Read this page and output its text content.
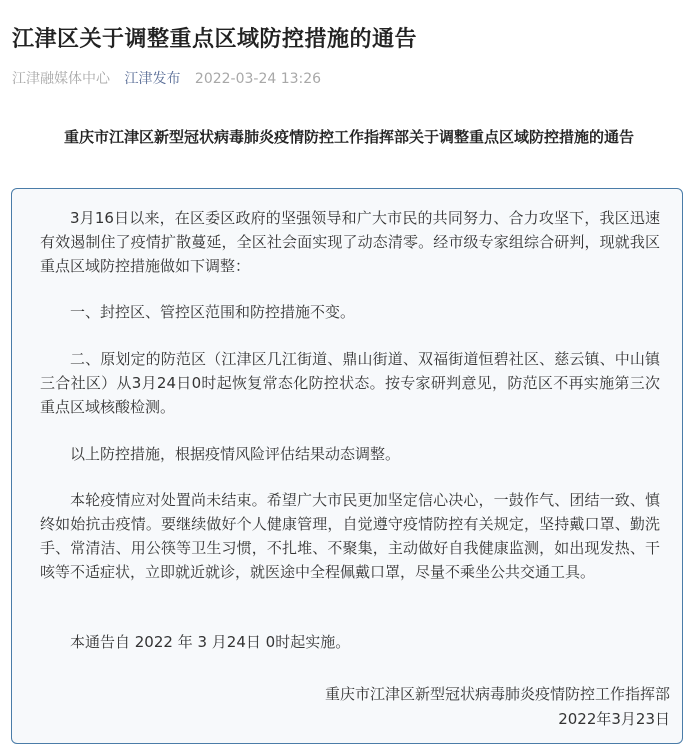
江津区关于调整重点区域防控措施的通告
江津融媒体中心 江津发布 2022-03-24 13:26
重庆市江津区新型冠状病毒肺炎疫情防控工作指挥部关于调整重点区域防控措施的通告

3月16日以来，在区委区政府的坚强领导和广大市民的共同努力、合力攻坚下，我区迅速有效遏制住了疫情扩散蔓延，全区社会面实现了动态清零。经市级专家组综合研判，现就我区重点区域防控措施做如下调整：

一、封控区、管控区范围和防控措施不变。

二、原划定的防范区（江津区几江街道、鼎山街道、双福街道恒碧社区、慈云镇、中山镇三合社区）从3月24日0时起恢复常态化防控状态。按专家研判意见，防范区不再实施第三次重点区域核酸检测。

以上防控措施，根据疫情风险评估结果动态调整。

本轮疫情应对处置尚未结束。希望广大市民更加坚定信心决心，一鼓作气、团结一致、慎终如始抗击疫情。要继续做好个人健康管理，自觉遵守疫情防控有关规定，坚持戴口罩、勤洗手、常清洁、用公筷等卫生习惯，不扎堆、不聚集，主动做好自我健康监测，如出现发热、干咳等不适症状，立即就近就诊，就医途中全程佩戴口罩，尽量不乘坐公共交通工具。

本通告自 2022 年 3 月24日 0时起实施。

重庆市江津区新型冠状病毒肺炎疫情防控工作指挥部
2022年3月23日
